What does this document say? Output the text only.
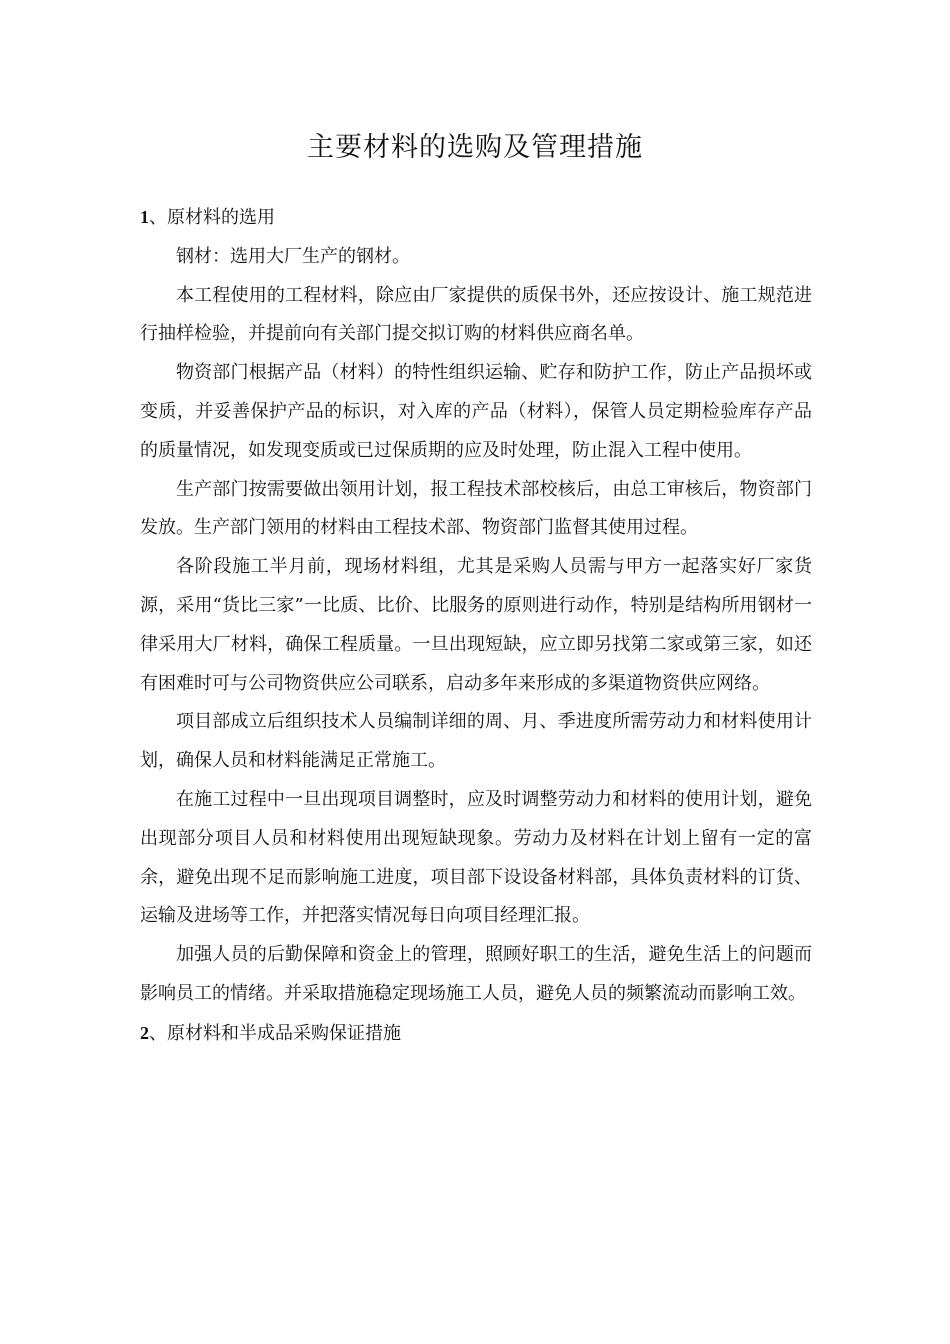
主要材料的选购及管理措施

1、原材料的选用

钢材：选用大厂生产的钢材。

本工程使用的工程材料，除应由厂家提供的质保书外，还应按设计、施工规范进行抽样检验，并提前向有关部门提交拟订购的材料供应商名单。

物资部门根据产品（材料）的特性组织运输、贮存和防护工作，防止产品损坏或变质，并妥善保护产品的标识，对入库的产品（材料），保管人员定期检验库存产品的质量情况，如发现变质或已过保质期的应及时处理，防止混入工程中使用。

生产部门按需要做出领用计划，报工程技术部校核后，由总工审核后，物资部门发放。生产部门领用的材料由工程技术部、物资部门监督其使用过程。

各阶段施工半月前，现场材料组，尤其是采购人员需与甲方一起落实好厂家货源，采用“货比三家”一比质、比价、比服务的原则进行动作，特别是结构所用钢材一律采用大厂材料，确保工程质量。一旦出现短缺，应立即另找第二家或第三家，如还有困难时可与公司物资供应公司联系，启动多年来形成的多渠道物资供应网络。

项目部成立后组织技术人员编制详细的周、月、季进度所需劳动力和材料使用计划，确保人员和材料能满足正常施工。

在施工过程中一旦出现项目调整时，应及时调整劳动力和材料的使用计划，避免出现部分项目人员和材料使用出现短缺现象。劳动力及材料在计划上留有一定的富余，避免出现不足而影响施工进度，项目部下设设备材料部，具体负责材料的订货、运输及进场等工作，并把落实情况每日向项目经理汇报。

加强人员的后勤保障和资金上的管理，照顾好职工的生活，避免生活上的问题而影响员工的情绪。并采取措施稳定现场施工人员，避免人员的频繁流动而影响工效。

2、原材料和半成品采购保证措施
